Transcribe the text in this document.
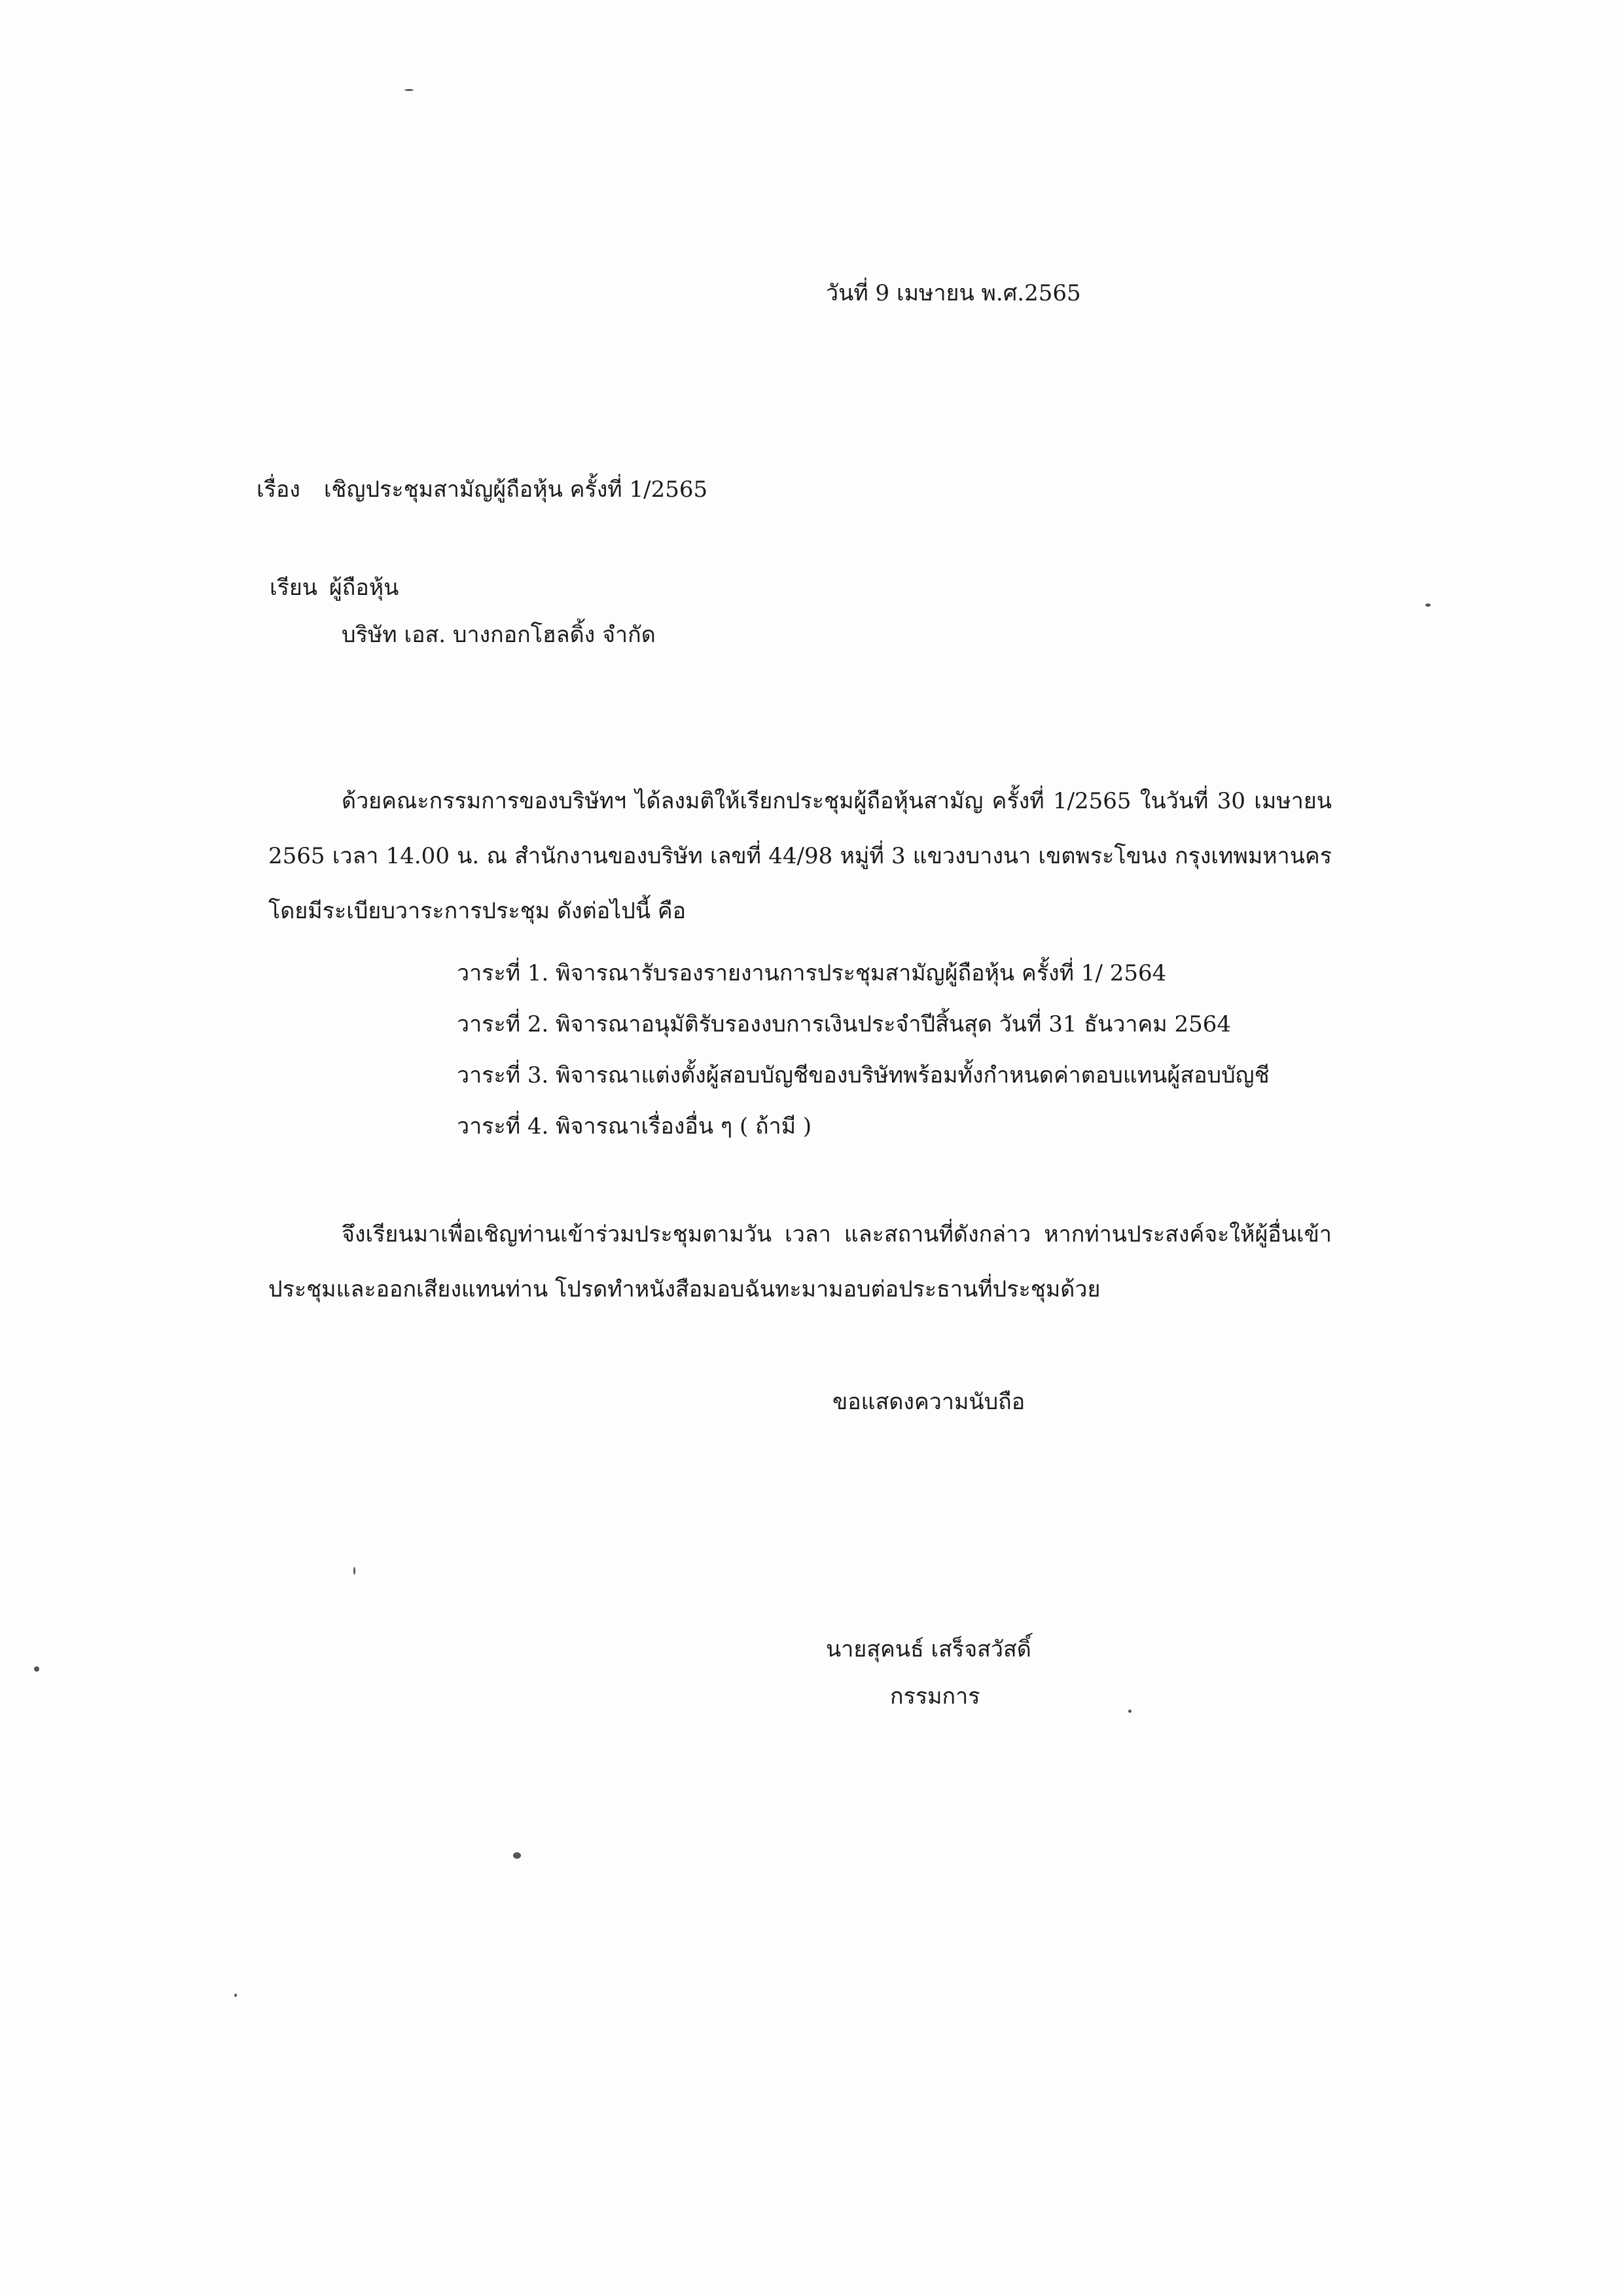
วันที่ 9 เมษายน พ.ศ.2565
เรื่อง เชิญประชุมสามัญผู้ถือหุ้น ครั้งที่ 1/2565
เรียน ผู้ถือหุ้น
บริษัท เอส. บางกอกโฮลดิ้ง จำกัด

ด้วยคณะกรรมการของบริษัทฯ ได้ลงมติให้เรียกประชุมผู้ถือหุ้นสามัญ ครั้งที่ 1/2565 ในวันที่ 30 เมษายน 2565 เวลา 14.00 น. ณ สำนักงานของบริษัท เลขที่ 44/98 หมู่ที่ 3 แขวงบางนา เขตพระโขนง กรุงเทพมหานคร โดยมีระเบียบวาระการประชุม ดังต่อไปนี้ คือ

วาระที่ 1. พิจารณารับรองรายงานการประชุมสามัญผู้ถือหุ้น ครั้งที่ 1/ 2564
วาระที่ 2. พิจารณาอนุมัติรับรองงบการเงินประจำปีสิ้นสุด วันที่ 31 ธันวาคม 2564
วาระที่ 3. พิจารณาแต่งตั้งผู้สอบบัญชีของบริษัทพร้อมทั้งกำหนดค่าตอบแทนผู้สอบบัญชี
วาระที่ 4. พิจารณาเรื่องอื่น ๆ ( ถ้ามี )

จึงเรียนมาเพื่อเชิญท่านเข้าร่วมประชุมตามวัน เวลา และสถานที่ดังกล่าว หากท่านประสงค์จะให้ผู้อื่นเข้าประชุมและออกเสียงแทนท่าน โปรดทำหนังสือมอบฉันทะมามอบต่อประธานที่ประชุมด้วย

ขอแสดงความนับถือ
นายสุคนธ์ เสร็จสวัสดิ์
กรรมการ
